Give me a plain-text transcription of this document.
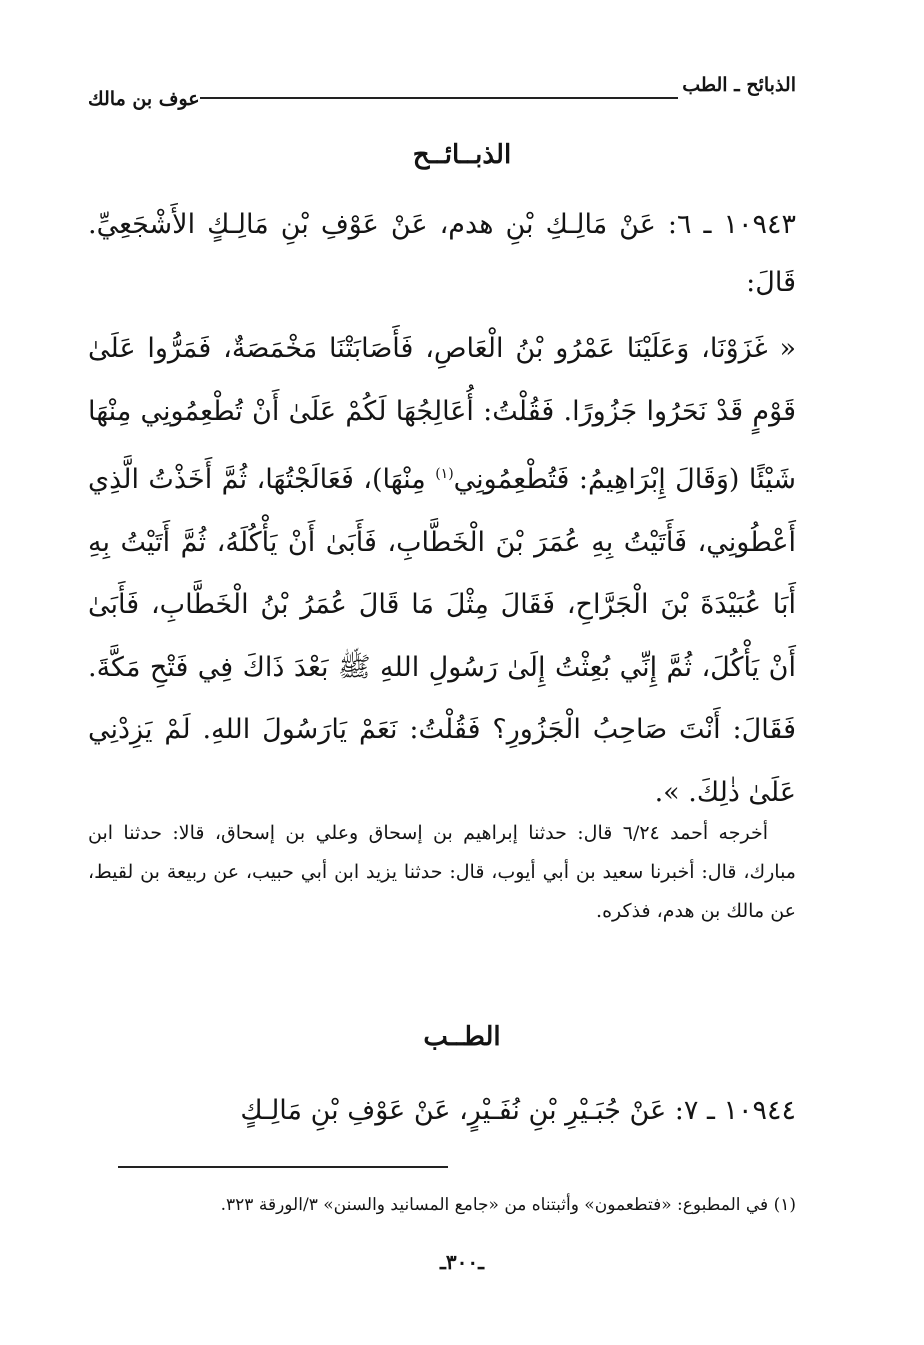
الذبائح ـ الطب
عوف بن مالك
الذبــائــح
١٠٩٤٣ ـ ٦: عَنْ مَالِـكِ بْنِ هدم، عَنْ عَوْفِ بْنِ مَالِـكٍ الأَشْجَعِيِّ. قَالَ:
« غَزَوْنَا، وَعَلَيْنَا عَمْرُو بْنُ الْعَاصِ، فَأَصَابَتْنَا مَخْمَصَةٌ، فَمَرُّوا عَلَىٰ قَوْمٍ قَدْ نَحَرُوا جَزُورًا. فَقُلْتُ: أُعَالِجُهَا لَكُمْ عَلَىٰ أَنْ تُطْعِمُونِي مِنْهَا شَيْئًا (وَقَالَ إِبْرَاهِيمُ: فَتُطْعِمُونِي$^{(١)}$ مِنْهَا)، فَعَالَجْتُهَا، ثُمَّ أَخَذْتُ الَّذِي أَعْطُونِي، فَأَتَيْتُ بِهِ عُمَرَ بْنَ الْخَطَّابِ، فَأَبَىٰ أَنْ يَأْكُلَهُ، ثُمَّ أَتَيْتُ بِهِ أَبَا عُبَيْدَةَ بْنَ الْجَرَّاحِ، فَقَالَ مِثْلَ مَا قَالَ عُمَرُ بْنُ الْخَطَّابِ، فَأَبَىٰ أَنْ يَأْكُلَ، ثُمَّ إِنِّي بُعِثْتُ إِلَىٰ رَسُولِ اللهِ ﷺ بَعْدَ ذَاكَ فِي فَتْحِ مَكَّةَ. فَقَالَ: أَنْتَ صَاحِبُ الْجَزُورِ؟ فَقُلْتُ: نَعَمْ يَارَسُولَ اللهِ. لَمْ يَزِدْنِي عَلَىٰ ذٰلِكَ. ».
أخرجه أحمد ٦/٢٤ قال: حدثنا إبراهيم بن إسحاق وعلي بن إسحاق، قالا: حدثنا ابن مبارك، قال: أخبرنا سعيد بن أبي أيوب، قال: حدثنا يزيد ابن أبي حبيب، عن ربيعة بن لقيط، عن مالك بن هدم، فذكره.
الطــب
١٠٩٤٤ ـ ٧: عَنْ جُبَـيْرِ بْنِ نُفَـيْرٍ، عَنْ عَوْفِ بْنِ مَالِـكٍ
(١) في المطبوع: «فتطعمون» وأثبتناه من «جامع المسانيد والسنن» ٣/الورقة ٣٢٣.
ـ٣٠٠ـ
